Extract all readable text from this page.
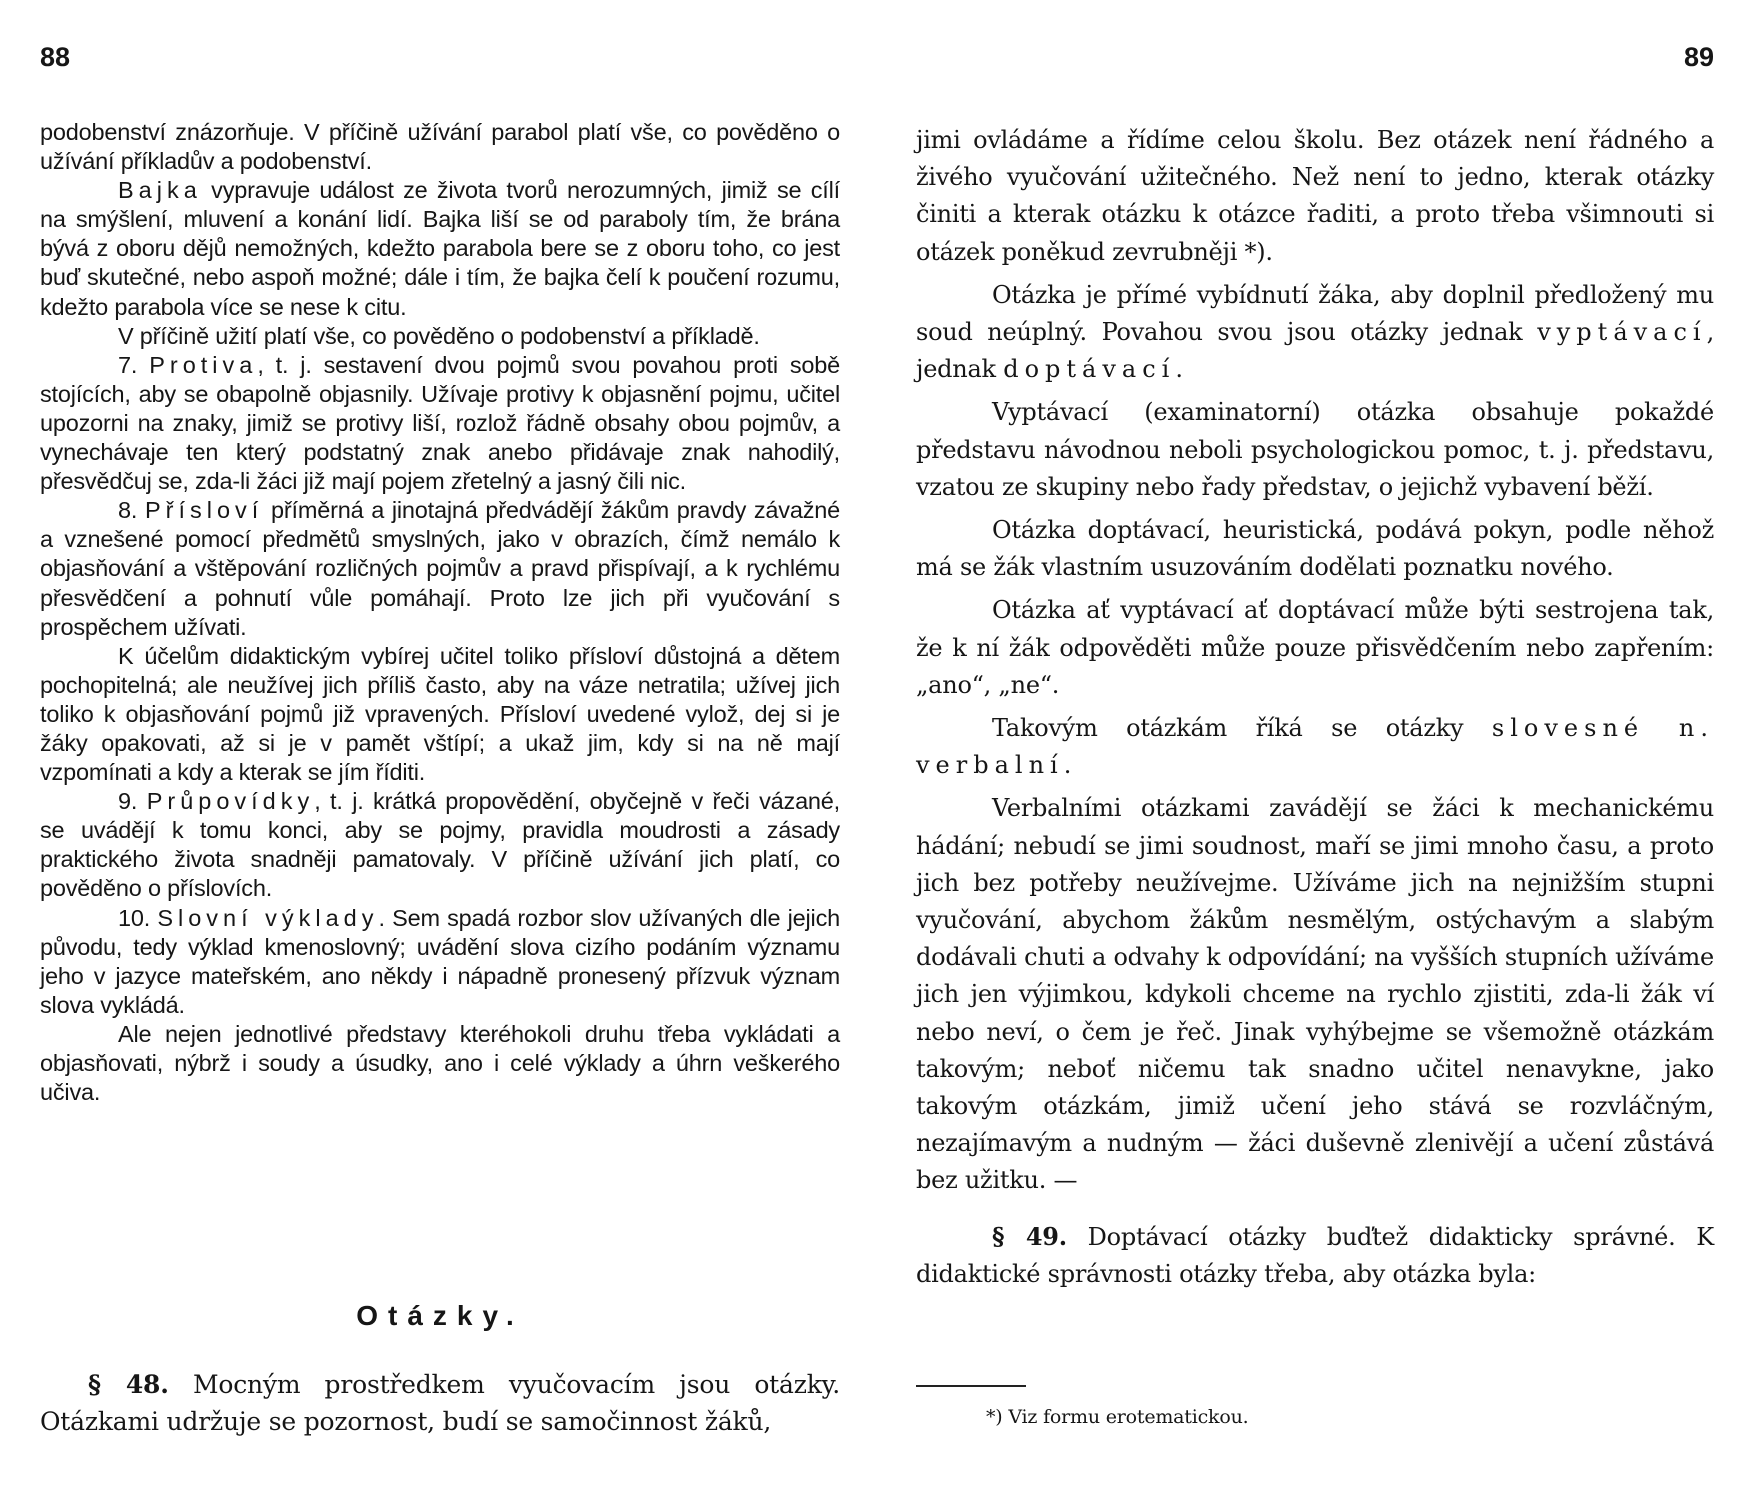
88

podobenství znázorňuje. V příčině užívání parabol platí vše, co pověděno o užívání příkladův a podobenství.

Bajka vypravuje událost ze života tvorů nerozumných, jimiž se cílí na smýšlení, mluvení a konání lidí. Bajka liší se od paraboly tím, že brána bývá z oboru dějů nemožných, kdežto parabola bere se z oboru toho, co jest buď skutečné, nebo aspoň možné; dále i tím, že bajka čelí k poučení rozumu, kdežto parabola více se nese k citu.

V příčině užití platí vše, co pověděno o podobenství a příkladě.

7. Protiva, t. j. sestavení dvou pojmů svou povahou proti sobě stojících, aby se obapolně objasnily. Užívaje protivy k objasnění pojmu, učitel upozorni na znaky, jimiž se protivy liší, rozlož řádně obsahy obou pojmův, a vynechávaje ten který podstatný znak anebo přidávaje znak nahodilý, přesvědčuj se, zda-li žáci již mají pojem zřetelný a jasný čili nic.

8. Přísloví příměrná a jinotajná předvádějí žákům pravdy závažné a vznešené pomocí předmětů smyslných, jako v obrazích, čímž nemálo k objasňování a vštěpování rozličných pojmův a pravd přispívají, a k rychlému přesvědčení a pohnutí vůle pomáhají. Proto lze jich při vyučování s prospěchem užívati.

K účelům didaktickým vybírej učitel toliko přísloví důstojná a dětem pochopitelná; ale neužívej jich příliš často, aby na váze netratila; užívej jich toliko k objasňování pojmů již vpravených. Přísloví uvedené vylož, dej si je žáky opakovati, až si je v pamět vštípí; a ukaž jim, kdy si na ně mají vzpomínati a kdy a kterak se jím říditi.

9. Průpovídky, t. j. krátká propovědění, obyčejně v řeči vázané, se uvádějí k tomu konci, aby se pojmy, pravidla moudrosti a zásady praktického života snadněji pamatovaly. V příčině užívání jich platí, co pověděno o příslovích.

10. Slovní výklady. Sem spadá rozbor slov užívaných dle jejich původu, tedy výklad kmenoslovný; uvádění slova cizího podáním významu jeho v jazyce mateřském, ano někdy i nápadně pronesený přízvuk význam slova vykládá.

Ale nejen jednotlivé představy kteréhokoli druhu třeba vykládati a objasňovati, nýbrž i soudy a úsudky, ano i celé výklady a úhrn veškerého učiva.

Otázky.

§ 48. Mocným prostředkem vyučovacím jsou otázky. Otázkami udržuje se pozornost, budí se samočinnost žáků,

89

jimi ovládáme a řídíme celou školu. Bez otázek není řádného a živého vyučování užitečného. Než není to jedno, kterak otázky činiti a kterak otázku k otázce řaditi, a proto třeba všimnouti si otázek poněkud zevrubněji *).

Otázka je přímé vybídnutí žáka, aby doplnil předložený mu soud neúplný. Povahou svou jsou otázky jednak vyptávací, jednak doptávací.

Vyptávací (examinatorní) otázka obsahuje pokaždé představu návodnou neboli psychologickou pomoc, t. j. představu, vzatou ze skupiny nebo řady představ, o jejichž vybavení běží.

Otázka doptávací, heuristická, podává pokyn, podle něhož má se žák vlastním usuzováním dodělati poznatku nového.

Otázka ať vyptávací ať doptávací může býti sestrojena tak, že k ní žák odpověděti může pouze přisvědčením nebo zapřením: „ano“, „ne“.

Takovým otázkám říká se otázky slovesné n. verbalní.

Verbalními otázkami zavádějí se žáci k mechanickému hádání; nebudí se jimi soudnost, maří se jimi mnoho času, a proto jich bez potřeby neužívejme. Užíváme jich na nejnižším stupni vyučování, abychom žákům nesmělým, ostýchavým a slabým dodávali chuti a odvahy k odpovídání; na vyšších stupních užíváme jich jen výjimkou, kdykoli chceme na rychlo zjistiti, zda-li žák ví nebo neví, o čem je řeč. Jinak vyhýbejme se všemožně otázkám takovým; neboť ničemu tak snadno učitel nenavykne, jako takovým otázkám, jimiž učení jeho stává se rozvláčným, nezajímavým a nudným — žáci duševně zlenivějí a učení zůstává bez užitku. —

§ 49. Doptávací otázky buďtež didakticky správné. K didaktické správnosti otázky třeba, aby otázka byla:

*) Viz formu erotematickou.
